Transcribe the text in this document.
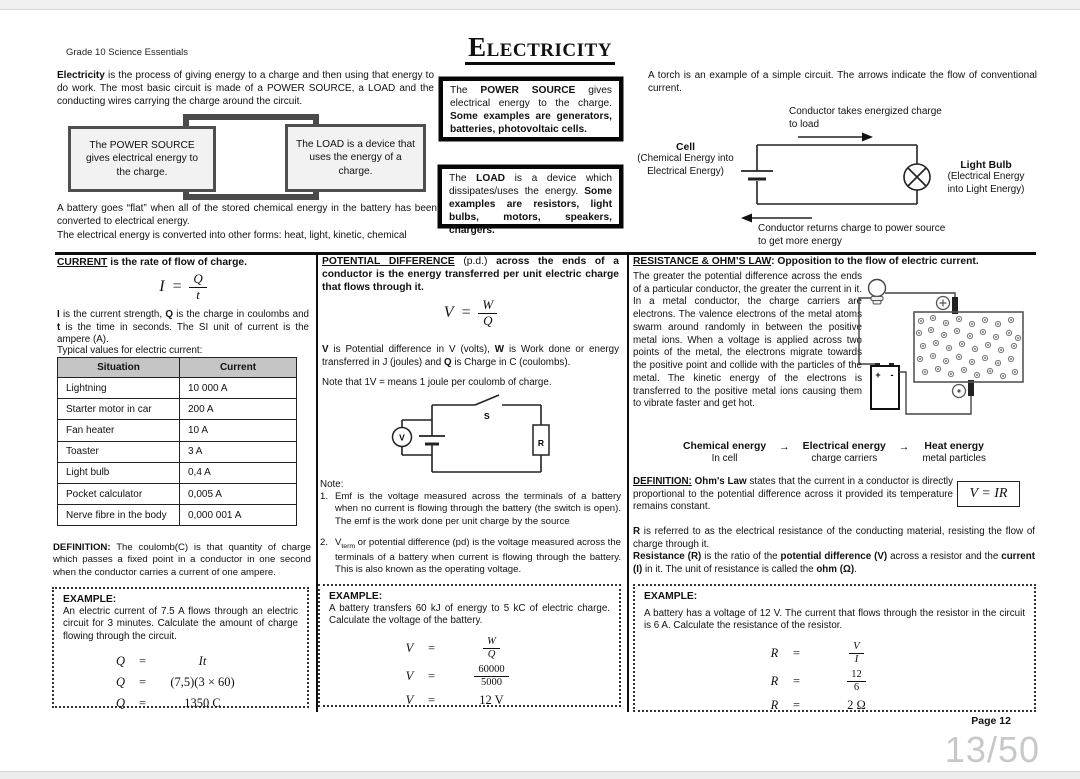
Grade 10 Science Essentials	Electricity
Electricity is the process of giving energy to a charge and then using that energy to do work. The most basic circuit is made of a POWER SOURCE, a LOAD and the conducting wires carrying the charge around the circuit.
The POWER SOURCE gives electrical energy to the charge.
The LOAD is a device that uses the energy of a charge.
A battery goes “flat” when all of the stored chemical energy in the battery has been converted to electrical energy.
The electrical energy is converted into other forms: heat, light, kinetic, chemical
The POWER SOURCE gives electrical energy to the charge. Some examples are generators, batteries, photovoltaic cells.
The LOAD is a device which dissipates/uses the energy. Some examples are resistors, light bulbs, motors, speakers, chargers.
A torch is an example of a simple circuit. The arrows indicate the flow of conventional current.
Conductor takes energized charge to load
Cell
(Chemical Energy into
Electrical Energy)
Light Bulb
(Electrical Energy
into Light Energy)
Conductor returns charge to power source to get more energy
CURRENT is the rate of flow of charge.
$I = \frac{Q}{t}$
I is the current strength, Q is the charge in coulombs and t is the time in seconds. The SI unit of current is the ampere (A).
Typical values for electric current:
Situation	Current
Lightning	10 000 A
Starter motor in car	200 A
Fan heater	10 A
Toaster	3 A
Light bulb	0,4 A
Pocket calculator	0,005 A
Nerve fibre in the body	0,000 001 A
DEFINITION: The coulomb(C) is that quantity of charge which passes a fixed point in a conductor in one second when the conductor carries a current of one ampere.
EXAMPLE:
An electric current of 7.5 A flows through an electric circuit for 3 minutes. Calculate the amount of charge flowing through the circuit.
Q =	It
Q = (7,5)(3 × 60)
Q =	1350 C
POTENTIAL DIFFERENCE (p.d.) across the ends of a conductor is the energy transferred per unit electric charge that flows through it.
$V = \frac{W}{Q}$
V is Potential difference in V (volts), W is Work done or energy transferred in J (joules) and Q is Charge in C (coulombs).
Note that 1V = means 1 joule per coulomb of charge.
S
R
V
Note:
1. Emf is the voltage measured across the terminals of a battery when no current is flowing through the battery (the switch is open). The emf is the work done per unit charge by the source
2. $V_{term}$ or potential difference (pd) is the voltage measured across the terminals of a battery when current is flowing through the battery. This is also known as the operating voltage.
EXAMPLE:
A battery transfers 60 kJ of energy to 5 kC of electric charge. Calculate the voltage of the battery.
V =	$\frac{W}{Q}$
V =	$\frac{60000}{5000}$
V =	12 V
RESISTANCE & OHM’S LAW: Opposition to the flow of electric current.
The greater the potential difference across the ends of a particular conductor, the greater the current in it. In a metal conductor, the charge carriers are electrons. The valence electrons of the metal atoms swarm around randomly in between the positive metal ions. When a voltage is applied across two points of the metal, the electrons migrate towards the positive point and collide with the particles of the metal. The kinetic energy of the electrons is transferred to the positive metal ions causing them to vibrate faster and get hot.
+ -
Chemical energy
In cell
→ Electrical energy
charge carriers
→ Heat energy
metal particles
DEFINITION: Ohm's Law states that the current in a conductor is directly proportional to the potential difference across it provided its temperature remains constant.
V = IR
R is referred to as the electrical resistance of the conducting material, resisting the flow of charge through it.
Resistance (R) is the ratio of the potential difference (V) across a resistor and the current (I) in it. The unit of resistance is called the ohm (Ω).
EXAMPLE:
A battery has a voltage of 12 V. The current that flows through the resistor in the circuit is 6 A. Calculate the resistance of the resistor.
R =	$\frac{V}{I}$
R =	$\frac{12}{6}$
R =	2 Ω
Page 12
13/50
